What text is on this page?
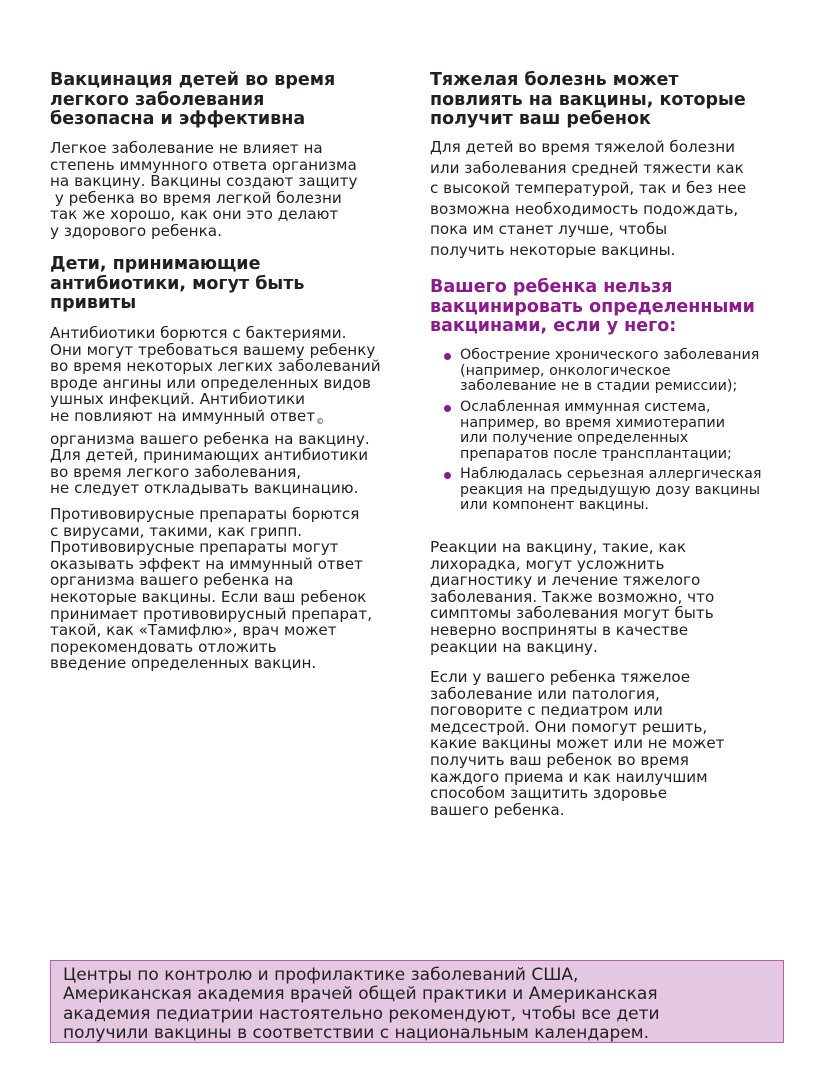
Вакцинация детей во время
легкого заболевания
безопасна и эффективна

Легкое заболевание не влияет на
степень иммунного ответа организма
на вакцину. Вакцины создают защиту
у ребенка во время легкой болезни
так же хорошо, как они это делают
у здорового ребенка.

Дети, принимающие
антибиотики, могут быть
привиты

Антибиотики борются с бактериями.
Они могут требоваться вашему ребенку
во время некоторых легких заболеваний
вроде ангины или определенных видов
ушных инфекций. Антибиотики
не повлияют на иммунный ответ$_©$
организма вашего ребенка на вакцину.
Для детей, принимающих антибиотики
во время легкого заболевания,
не следует откладывать вакцинацию.

Противовирусные препараты борются
с вирусами, такими, как грипп.
Противовирусные препараты могут
оказывать эффект на иммунный ответ
организма вашего ребенка на
некоторые вакцины. Если ваш ребенок
принимает противовирусный препарат,
такой, как «Тамифлю», врач может
порекомендовать отложить
введение определенных вакцин.

Тяжелая болезнь может
повлиять на вакцины, которые
получит ваш ребенок

Для детей во время тяжелой болезни
или заболевания средней тяжести как
с высокой температурой, так и без нее
возможна необходимость подождать,
пока им станет лучше, чтобы
получить некоторые вакцины.

Вашего ребенка нельзя
вакцинировать определенными
вакцинами, если у него:
Обострение хронического заболевания
(например, онкологическое
заболевание не в стадии ремиссии);
Ослабленная иммунная система,
например, во время химиотерапии
или получение определенных
препаратов после трансплантации;
Наблюдалась серьезная аллергическая
реакция на предыдущую дозу вакцины
или компонент вакцины.

Реакции на вакцину, такие, как
лихорадка, могут усложнить
диагностику и лечение тяжелого
заболевания. Также возможно, что
симптомы заболевания могут быть
неверно восприняты в качестве
реакции на вакцину.

Если у вашего ребенка тяжелое
заболевание или патология,
поговорите с педиатром или
медсестрой. Они помогут решить,
какие вакцины может или не может
получить ваш ребенок во время
каждого приема и как наилучшим
способом защитить здоровье
вашего ребенка.

Центры по контролю и профилактике заболеваний США,
Американская академия врачей общей практики и Американская
академия педиатрии настоятельно рекомендуют, чтобы все дети
получили вакцины в соответствии с национальным календарем.
